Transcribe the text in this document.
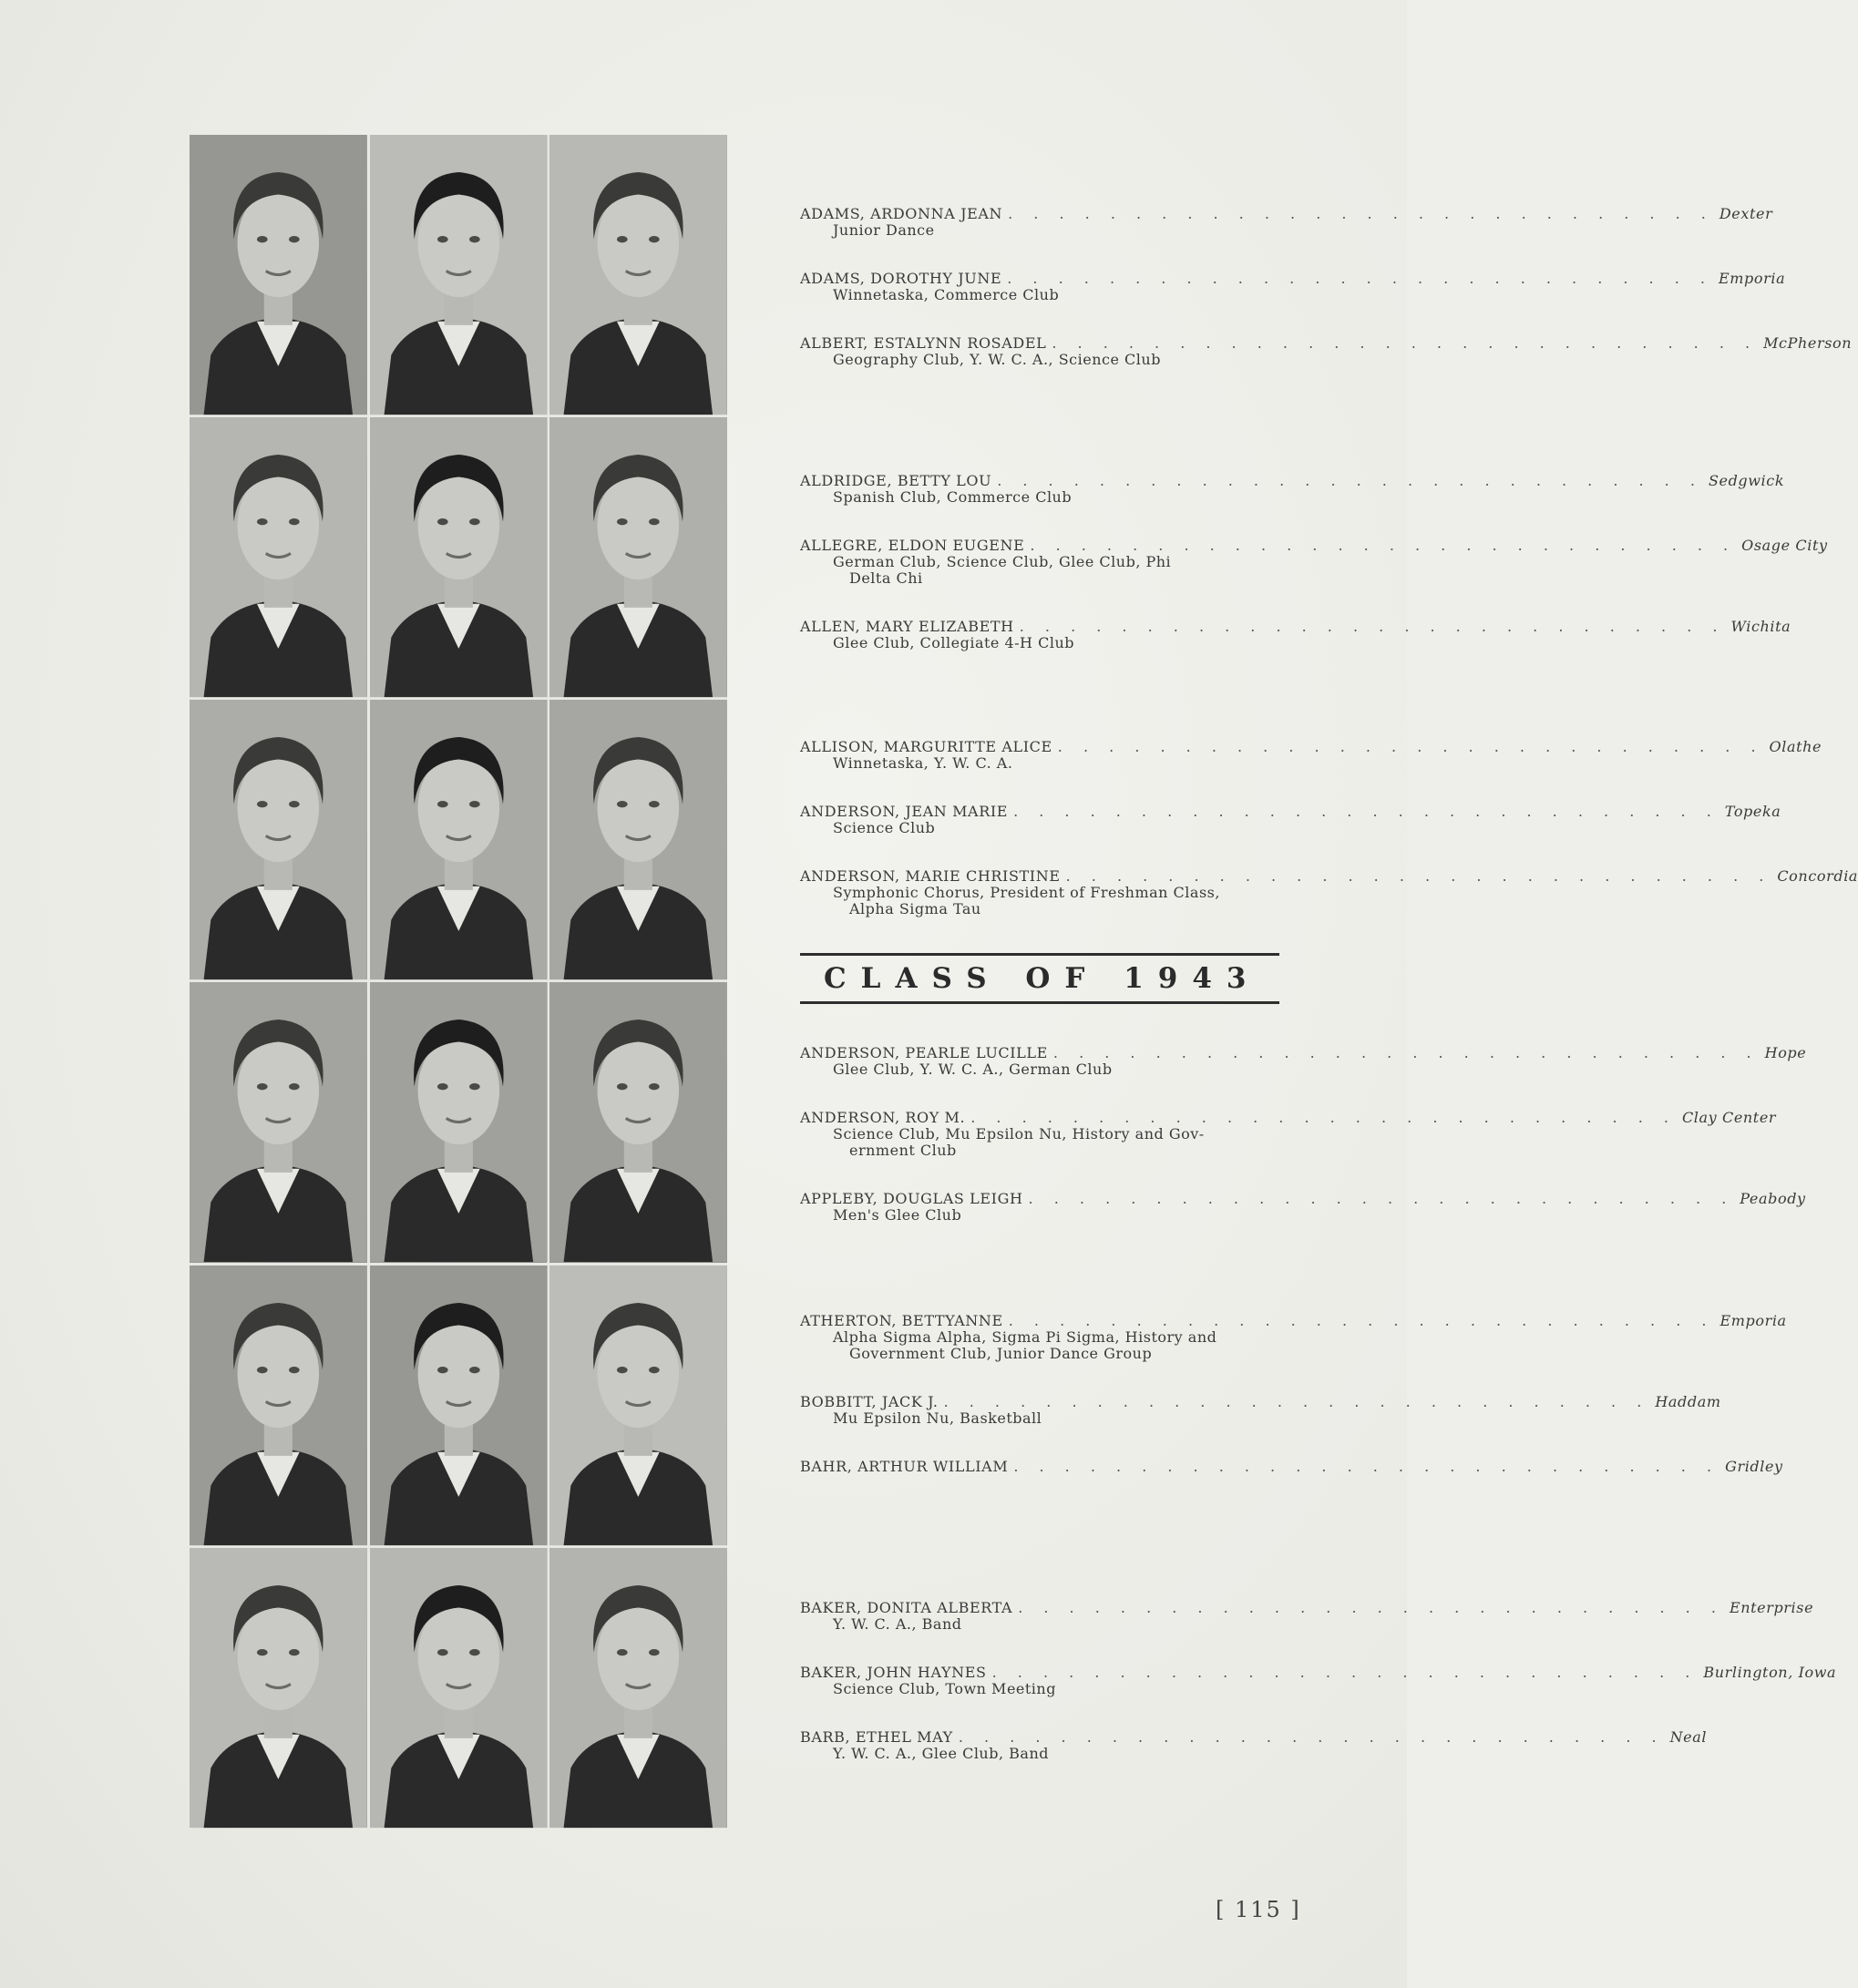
ADAMS, ARDONNA JEAN . . . . . . . . . . . . . . . . . . . . . . . . . . . . Dexter
Junior Dance
ADAMS, DOROTHY JUNE . . . . . . . . . . . . . . . . . . . . . . . . . . . . Emporia
Winnetaska, Commerce Club
ALBERT, ESTALYNN ROSADEL . . . . . . . . . . . . . . . . . . . . . . . . . . . . McPherson
Geography Club, Y. W. C. A., Science Club
ALDRIDGE, BETTY LOU . . . . . . . . . . . . . . . . . . . . . . . . . . . . Sedgwick
Spanish Club, Commerce Club
ALLEGRE, ELDON EUGENE . . . . . . . . . . . . . . . . . . . . . . . . . . . . Osage City
German Club, Science Club, Glee Club, Phi
Delta Chi
ALLEN, MARY ELIZABETH . . . . . . . . . . . . . . . . . . . . . . . . . . . . Wichita
Glee Club, Collegiate 4-H Club
ALLISON, MARGURITTE ALICE . . . . . . . . . . . . . . . . . . . . . . . . . . . . Olathe
Winnetaska, Y. W. C. A.
ANDERSON, JEAN MARIE . . . . . . . . . . . . . . . . . . . . . . . . . . . . Topeka
Science Club
ANDERSON, MARIE CHRISTINE . . . . . . . . . . . . . . . . . . . . . . . . . . . . Concordia
Symphonic Chorus, President of Freshman Class,
Alpha Sigma Tau
CLASS OF 1943
ANDERSON, PEARLE LUCILLE . . . . . . . . . . . . . . . . . . . . . . . . . . . . Hope
Glee Club, Y. W. C. A., German Club
ANDERSON, ROY M. . . . . . . . . . . . . . . . . . . . . . . . . . . . . Clay Center
Science Club, Mu Epsilon Nu, History and Gov-
ernment Club
APPLEBY, DOUGLAS LEIGH . . . . . . . . . . . . . . . . . . . . . . . . . . . . Peabody
Men's Glee Club
ATHERTON, BETTYANNE . . . . . . . . . . . . . . . . . . . . . . . . . . . . Emporia
Alpha Sigma Alpha, Sigma Pi Sigma, History and
Government Club, Junior Dance Group
BOBBITT, JACK J. . . . . . . . . . . . . . . . . . . . . . . . . . . . . Haddam
Mu Epsilon Nu, Basketball
BAHR, ARTHUR WILLIAM . . . . . . . . . . . . . . . . . . . . . . . . . . . . Gridley
BAKER, DONITA ALBERTA . . . . . . . . . . . . . . . . . . . . . . . . . . . . Enterprise
Y. W. C. A., Band
BAKER, JOHN HAYNES . . . . . . . . . . . . . . . . . . . . . . . . . . . . Burlington, Iowa
Science Club, Town Meeting
BARB, ETHEL MAY . . . . . . . . . . . . . . . . . . . . . . . . . . . . Neal
Y. W. C. A., Glee Club, Band
[ 115 ]
